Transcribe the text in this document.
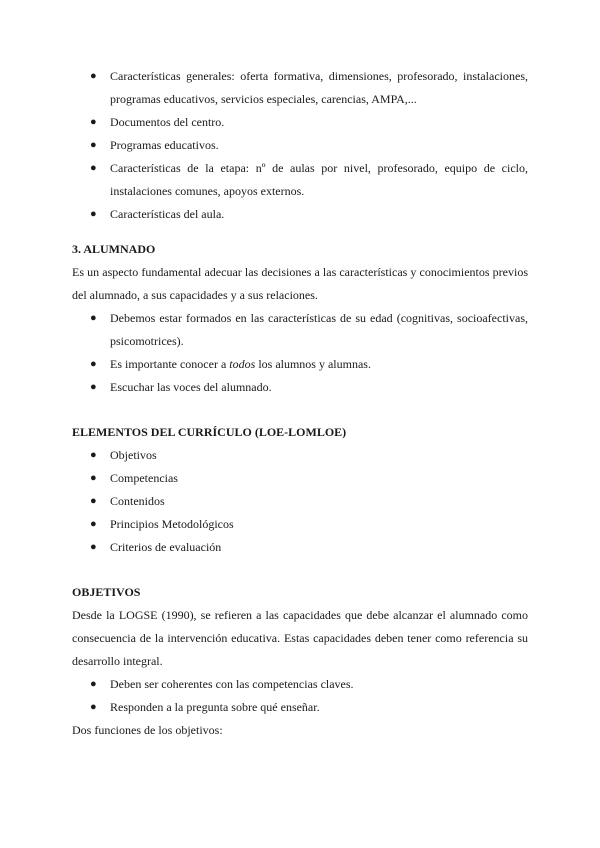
● Características generales: oferta formativa, dimensiones, profesorado, instalaciones, programas educativos, servicios especiales, carencias, AMPA,...
● Documentos del centro.
● Programas educativos.
● Características de la etapa: nº de aulas por nivel, profesorado, equipo de ciclo, instalaciones comunes, apoyos externos.
● Características del aula.
3. ALUMNADO

Es un aspecto fundamental adecuar las decisiones a las características y conocimientos previos del alumnado, a sus capacidades y a sus relaciones.

● Debemos estar formados en las características de su edad (cognitivas, socioafectivas, psicomotrices).
● Es importante conocer a todos los alumnos y alumnas.
● Escuchar las voces del alumnado.
ELEMENTOS DEL CURRÍCULO (LOE-LOMLOE)
● Objetivos
● Competencias
● Contenidos
● Principios Metodológicos
● Criterios de evaluación
OBJETIVOS

Desde la LOGSE (1990), se refieren a las capacidades que debe alcanzar el alumnado como consecuencia de la intervención educativa. Estas capacidades deben tener como referencia su desarrollo integral.

● Deben ser coherentes con las competencias claves.
● Responden a la pregunta sobre qué enseñar.

Dos funciones de los objetivos:
